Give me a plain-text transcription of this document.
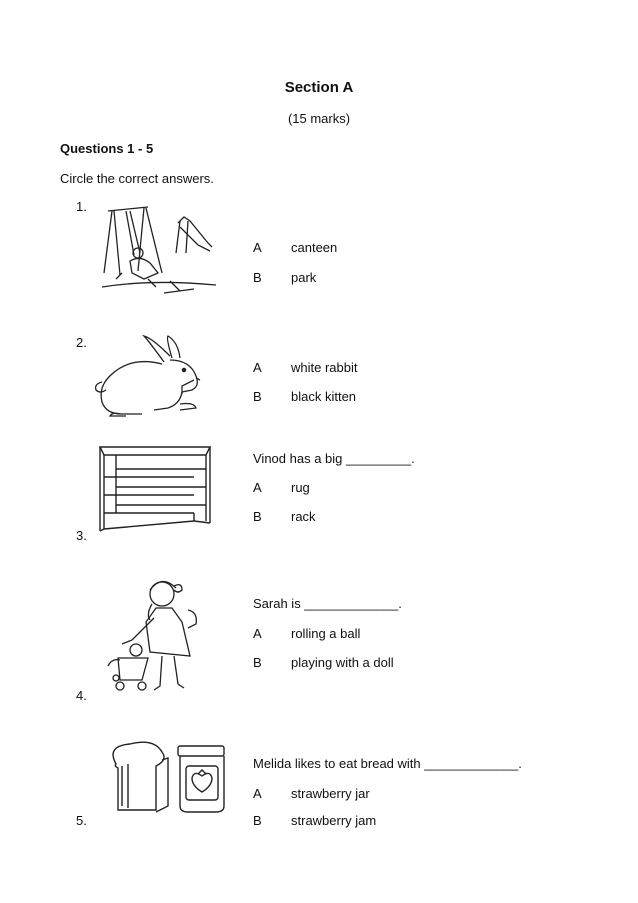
Section A
(15 marks)
Questions 1 - 5
Circle the correct answers.
1.
A canteen
B park
2.
A white rabbit
B black kitten
Vinod has a big _________.
A rug
B rack
3.
Sarah is _____________.
A rolling a ball
B playing with a doll
4.
Melida likes to eat bread with _____________.
A strawberry jar
5.	B strawberry jam
